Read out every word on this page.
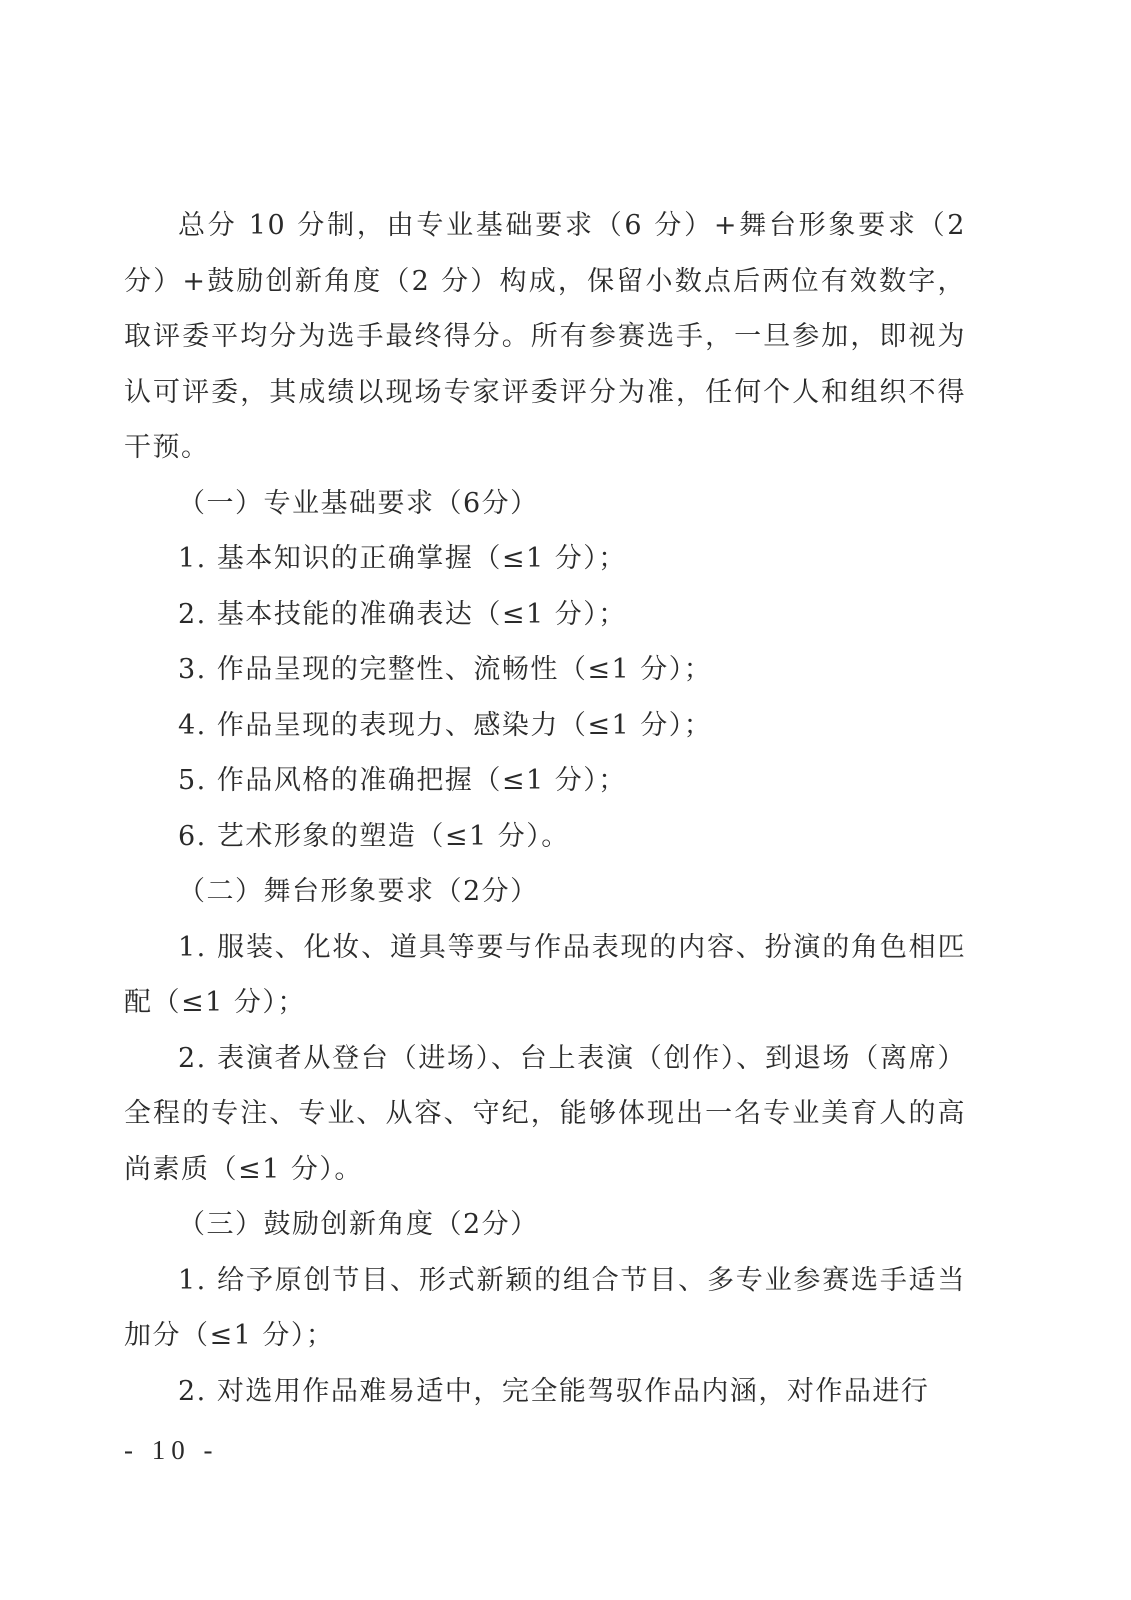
总分 10 分制，由专业基础要求（6 分）+舞台形象要求（2 分）+鼓励创新角度（2 分）构成，保留小数点后两位有效数字，取评委平均分为选手最终得分。所有参赛选手，一旦参加，即视为认可评委，其成绩以现场专家评委评分为准，任何个人和组织不得干预。

（一）专业基础要求（6分）

1. 基本知识的正确掌握（≤1 分）；

2. 基本技能的准确表达（≤1 分）；

3. 作品呈现的完整性、流畅性（≤1 分）；

4. 作品呈现的表现力、感染力（≤1 分）；

5. 作品风格的准确把握（≤1 分）；

6. 艺术形象的塑造（≤1 分）。

（二）舞台形象要求（2分）

1. 服装、化妆、道具等要与作品表现的内容、扮演的角色相匹配（≤1 分）；

2. 表演者从登台（进场）、台上表演（创作）、到退场（离席）全程的专注、专业、从容、守纪，能够体现出一名专业美育人的高尚素质（≤1 分）。

（三）鼓励创新角度（2分）

1. 给予原创节目、形式新颖的组合节目、多专业参赛选手适当加分（≤1 分）；

2. 对选用作品难易适中，完全能驾驭作品内涵，对作品进行

- 10 -
